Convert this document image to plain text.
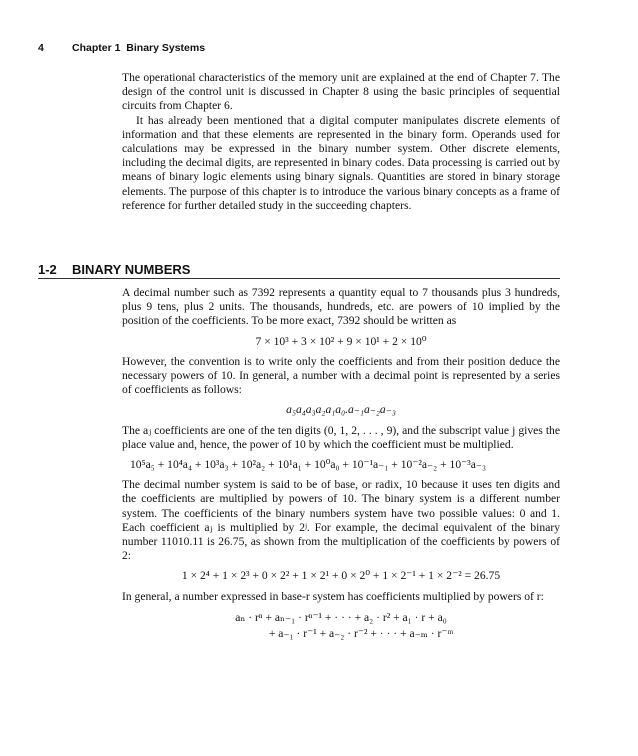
4	Chapter 1 Binary Systems

The operational characteristics of the memory unit are explained at the end of Chapter 7. The design of the control unit is discussed in Chapter 8 using the basic principles of sequential circuits from Chapter 6.

It has already been mentioned that a digital computer manipulates discrete elements of information and that these elements are represented in the binary form. Operands used for calculations may be expressed in the binary number system. Other discrete elements, including the decimal digits, are represented in binary codes. Data processing is carried out by means of binary logic elements using binary signals. Quantities are stored in binary storage elements. The purpose of this chapter is to introduce the various binary concepts as a frame of reference for further detailed study in the succeeding chapters.

1-2 BINARY NUMBERS

A decimal number such as 7392 represents a quantity equal to 7 thousands plus 3 hundreds, plus 9 tens, plus 2 units. The thousands, hundreds, etc. are powers of 10 implied by the position of the coefficients. To be more exact, 7392 should be written as

7 × 10³ + 3 × 10² + 9 × 10¹ + 2 × 10⁰

However, the convention is to write only the coefficients and from their position deduce the necessary powers of 10. In general, a number with a decimal point is represented by a series of coefficients as follows:

a₅a₄a₃a₂a₁a₀.a₋₁a₋₂a₋₃

The aⱼ coefficients are one of the ten digits (0, 1, 2, . . . , 9), and the subscript value j gives the place value and, hence, the power of 10 by which the coefficient must be multiplied.

10⁵a₅ + 10⁴a₄ + 10³a₃ + 10²a₂ + 10¹a₁ + 10⁰a₀ + 10⁻¹a₋₁ + 10⁻²a₋₂ + 10⁻³a₋₃

The decimal number system is said to be of base, or radix, 10 because it uses ten digits and the coefficients are multiplied by powers of 10. The binary system is a different number system. The coefficients of the binary numbers system have two possible values: 0 and 1. Each coefficient aⱼ is multiplied by 2ʲ. For example, the decimal equivalent of the binary number 11010.11 is 26.75, as shown from the multiplication of the coefficients by powers of 2:

1 × 2⁴ + 1 × 2³ + 0 × 2² + 1 × 2¹ + 0 × 2⁰ + 1 × 2⁻¹ + 1 × 2⁻² = 26.75

In general, a number expressed in base-r system has coefficients multiplied by powers of r:

aₙ · rⁿ + aₙ₋₁ · rⁿ⁻¹ + · · · + a₂ · r² + a₁ · r + a₀
+ a₋₁ · r⁻¹ + a₋₂ · r⁻² + · · · + a₋ₘ · r⁻ᵐ
